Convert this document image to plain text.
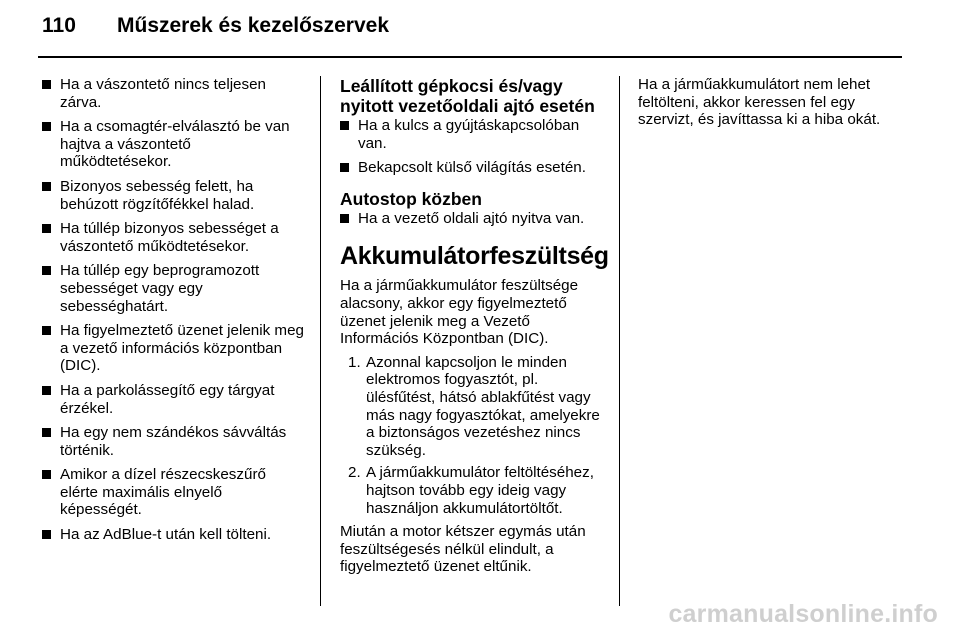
110	Műszerek és kezelőszervek
Ha a vászontető nincs teljesen zárva.
Ha a csomagtér-elválasztó be van hajtva a vászontető működtetésekor.
Bizonyos sebesség felett, ha behúzott rögzítőfékkel halad.
Ha túllép bizonyos sebességet a vászontető működtetésekor.
Ha túllép egy beprogramozott sebességet vagy egy sebességhatárt.
Ha figyelmeztető üzenet jelenik meg a vezető információs központban (DIC).
Ha a parkolássegítő egy tárgyat érzékel.
Ha egy nem szándékos sávváltás történik.
Amikor a dízel részecskeszűrő elérte maximális elnyelő képességét.
Ha az AdBlue-t után kell tölteni.
Leállított gépkocsi és/vagy nyitott vezetőoldali ajtó esetén
Ha a kulcs a gyújtáskapcsolóban van.
Bekapcsolt külső világítás esetén.
Autostop közben
Ha a vezető oldali ajtó nyitva van.
Akkumulátorfeszültség

Ha a járműakkumulátor feszültsége alacsony, akkor egy figyelmeztető üzenet jelenik meg a Vezető Információs Központban (DIC).

1. Azonnal kapcsoljon le minden elektromos fogyasztót, pl. ülésfűtést, hátsó ablakfűtést vagy más nagy fogyasztókat, amelyekre a biztonságos vezetéshez nincs szükség.
2. A járműakkumulátor feltöltéséhez, hajtson tovább egy ideig vagy használjon akkumulátortöltőt.

Miután a motor kétszer egymás után feszültségesés nélkül elindult, a figyelmeztető üzenet eltűnik.

Ha a járműakkumulátort nem lehet feltölteni, akkor keressen fel egy szervizt, és javíttassa ki a hiba okát.

carmanualsonline.info
